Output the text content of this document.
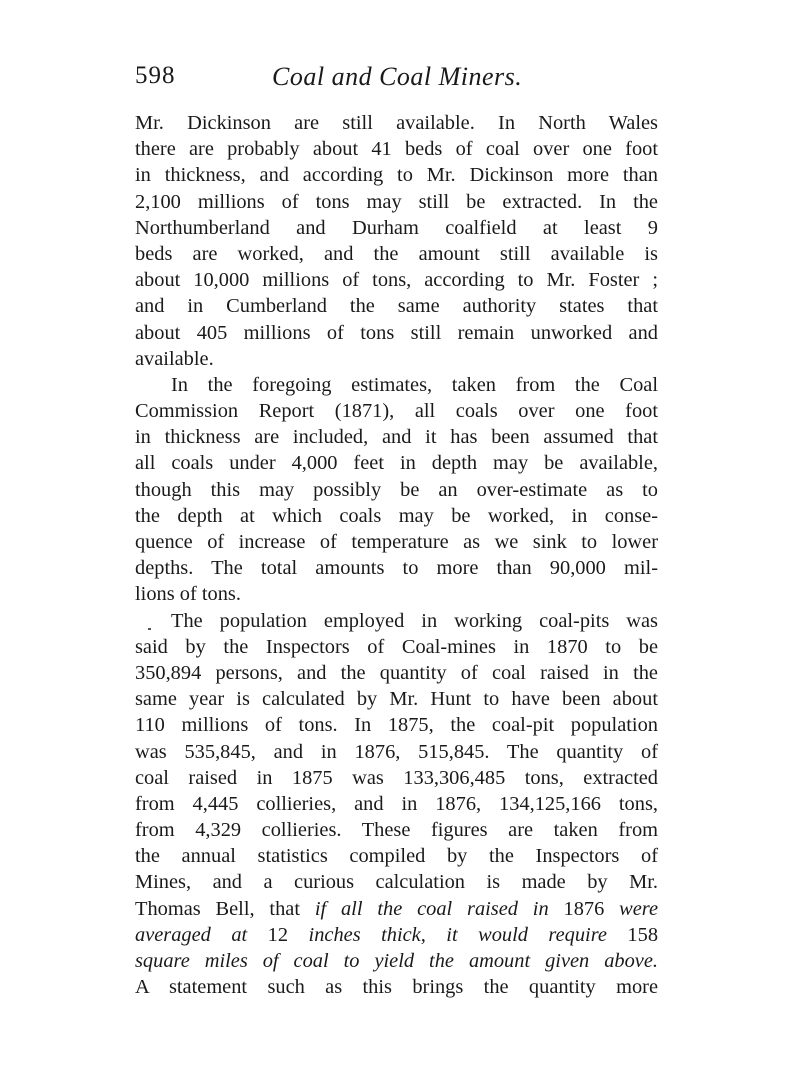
598	Coal and Coal Miners.
Mr. Dickinson are still available. In North Wales
there are probably about 41 beds of coal over one foot
in thickness, and according to Mr. Dickinson more than
2,100 millions of tons may still be extracted. In the
Northumberland and Durham coalfield at least 9
beds are worked, and the amount still available is
about 10,000 millions of tons, according to Mr. Foster ;
and in Cumberland the same authority states that
about 405 millions of tons still remain unworked and
available.
In the foregoing estimates, taken from the Coal
Commission Report (1871), all coals over one foot
in thickness are included, and it has been assumed that
all coals under 4,000 feet in depth may be available,
though this may possibly be an over-estimate as to
the depth at which coals may be worked, in conse-
quence of increase of temperature as we sink to lower
depths. The total amounts to more than 90,000 mil-
lions of tons.
The population employed in working coal-pits was
said by the Inspectors of Coal-mines in 1870 to be
350,894 persons, and the quantity of coal raised in the
same year is calculated by Mr. Hunt to have been about
110 millions of tons. In 1875, the coal-pit population
was 535,845, and in 1876, 515,845. The quantity of
coal raised in 1875 was 133,306,485 tons, extracted
from 4,445 collieries, and in 1876, 134,125,166 tons,
from 4,329 collieries. These figures are taken from
the annual statistics compiled by the Inspectors of
Mines, and a curious calculation is made by Mr.
Thomas Bell, that if all the coal raised in 1876 were
averaged at 12 inches thick, it would require 158
square miles of coal to yield the amount given above.
A statement such as this brings the quantity more
